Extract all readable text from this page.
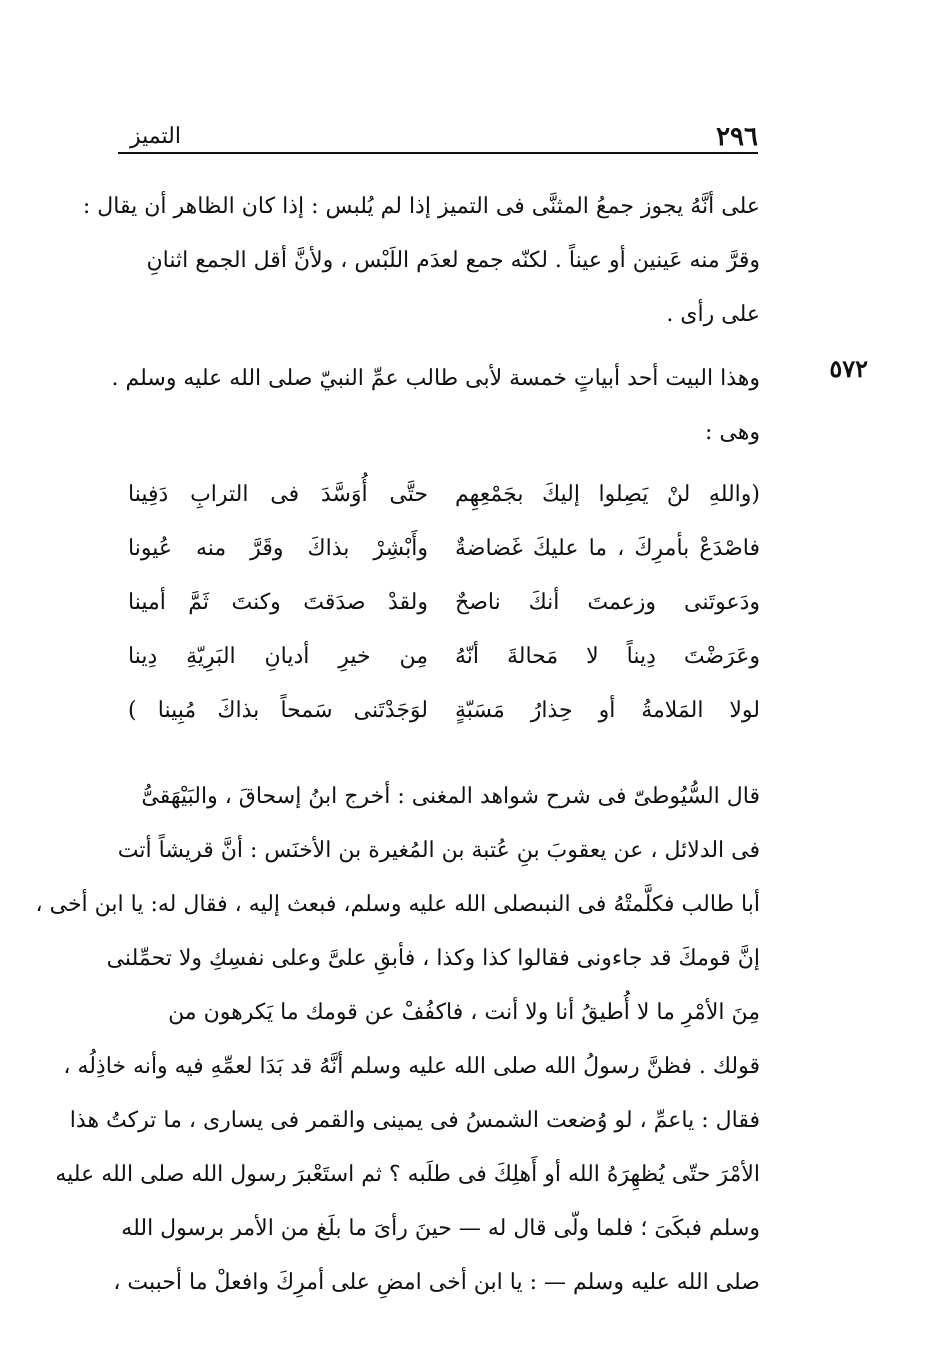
٢٩٦
التميز
على أنَّهُ يجوز جمعُ المثنَّى فى التميز إذا لم يُلبس : إذا كان الظاهر أن يقال :
وقرَّ منه عَينين أو عيناً . لكنّه جمع لعدَم اللَبْس ، ولأنَّ أقل الجمع اثنانِ
على رأى .
٥٧٢
وهذا البيت أحد أبياتٍ خمسة لأبى طالب عمِّ النبيّ صلى الله عليه وسلم .
وهى :
(واللهِ لنْ يَصِلوا إليكَ بجَمْعِهِم
حتَّى أُوَسَّدَ فى الترابِ دَفِينا
فاصْدَعْ بأمرِكَ ، ما عليكَ غَضاضةٌ
وأَبْشِرْ بذاكَ وقَرَّ منه عُيونا
ودَعوتَنى وزعمتَ أنكَ ناصحٌ
ولقدْ صدَقتَ وكنتَ ثَمَّ أمينا
وعَرَضْتَ دِيناً لا مَحالةَ أنّهُ
مِن خيرِ أديانِ البَرِيّةِ دِينا
لولا المَلامةُ أو حِذارُ مَسَبّةٍ
لوَجَدْتَنى سَمحاً بذاكَ مُبِينا )
قال السُّيُوطىّ فى شرح شواهد المغنى : أخرج ابنُ إسحاقَ ، والبَيْهَقىُّ
فى الدلائل ، عن يعقوبَ بنِ عُتبة بن المُغيرة بن الأخنَس : أنَّ قريشاً أتت
أبا طالب فكلَّمتْهُ فى النبىصلى الله عليه وسلم، فبعث إليه ، فقال له: يا ابن أخى ،
إنَّ قومكَ قد جاءونى فقالوا كذا وكذا ، فأبقِ علىَّ وعلى نفسِكِ ولا تحمِّلنى
مِنَ الأمْرِ ما لا أُطيقُ أنا ولا أنت ، فاكفُفْ عن قومك ما يَكرهون من
قولك . فظنَّ رسولُ الله صلى الله عليه وسلم أنَّهُ قد بَدَا لعمِّهِ فيه وأنه خاذِلُه ،
فقال : ياعمِّ ، لو وُضعت الشمسُ فى يمينى والقمر فى يسارى ، ما تركتُ هذا
الأمْرَ حتّى يُظهِرَهُ الله أو أَهلِكَ فى طلَبه ؟ ثم استَعْبرَ رسول الله صلى الله عليه
وسلم فبكَىَ ؛ فلما ولّى قال له — حينَ رأىَ ما بلَغ من الأمر برسول الله
صلى الله عليه وسلم — : يا ابن أخى امضِ على أمرِكَ وافعلْ ما أحببت ،
